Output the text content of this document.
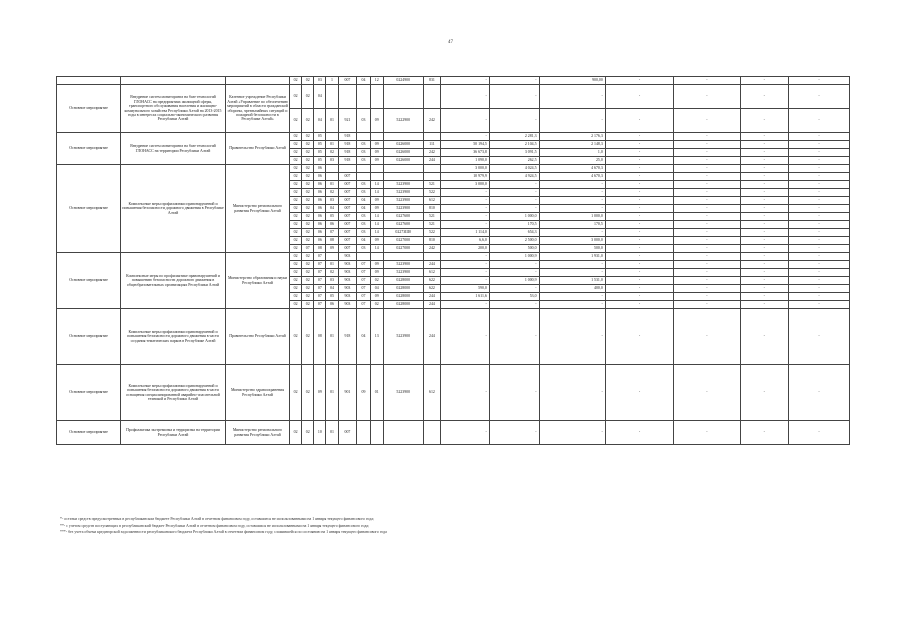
47
			02	02	03	1	007	04	12	0224900	831	-	-	900,00	-	-	-	-
Основное мероприятие	Внедрение систем мониторинга на базе технологий ГЛОНАСС на предприятиях жилищной сферы, транспортного обслуживания населения и жилищно-коммунального хозяйства Республики Алтай на 2013-2015 годы в интересах социально-экономического развития Республики Алтай	Казенное учреждение Республики Алтай «Управление по обеспечению мероприятий в области гражданской обороны, чрезвычайных ситуаций и пожарной безопасности в Республике Алтай»	02	02	04							-	-	-	-	-	-	-
			02	02	04	01	921	03	09	5222900	242	-	-	-	-	-	-	-
Основное мероприятие	Внедрение систем мониторинга на базе технологий ГЛОНАСС на территории Республики Алтай	Правительство Республики Алтай	02	02	05		918					-	2 281,3	2 176,3	-	-	-	-
			02	02	05	01	918	03	09	0226000	111	50 194,5	2 104,5	2 148,3	-	-	-	-
			02	02	05	02	918	03	09	0226000	242	36 673,8	3 091,5	1,0	-	-	-	-
			02	02	05	03	918	03	09	0226000	244	1 090,0	262,5	25,0	-	-	-	-
Основное мероприятие	Комплексные меры профилактики правонарушений и повышения безопасности дорожного движения в Республике Алтай	Министерство регионального развития Республики Алтай	02	02	06							3 000,0	4 024,5	4 670,3	-	-	-	-
			02	02	06		007					10 979,9	4 924,5	4 670,3	-	-	-	-
			02	02	06	01	007	03	14	5223900	521	3 000,0	-	-	-	-	-	-
			02	02	06	02	007	03	14	5223900	522	-	-	-	-	-	-	-
			02	02	06	03	007	04	09	5223900	612	-	-	-	-	-	-	-
			02	02	06	04	007	04	09	5223900	810	-	-	-	-	-	-	-
			02	02	06	05	007	03	14	0227600	521	-	1 000,0	1 000,0	-	-	-	-
			02	02	06	06	007	03	14	0227600	521	-	170,5	170,5	-	-	-	-
			02	02	06	07	007	03	14	02273Ш0	522	1 114,0	654,3	-	-	-	-	-
			02	02	06	08	007	04	09	0227000	810	6,6,0	2 500,0	3 000,0	-	-	-	-
			02	07	08	09	007	03	14	0227000	242	200,0	500,0	500,0	-	-	-	-
Основное мероприятие	Комплексные меры по профилактике правонарушений и повышению безопасности дорожного движения в общеобразовательных организациях Республики Алтай	Министерство образования и науки Республики Алтай	02	02	07		903					-	1 000,9	1 931,0	-	-	-	-
			02	02	07	01	903	07	09	5223900	244	-	-	-	-	-	-	-
			02	02	07	02	903	07	09	5223900	612	-	-	-	-	-	-	-
			02	02	07	03	903	07	02	0228000	622	-	1 000,9	1 531,0	-	-	-	-
			02	02	07	04	903	07	04	0228000	622	590,0	-	400,0	-	-	-	-
			02	02	07	05	903	07	09	0228000	244	1 611,6	53,0	-	-	-	-	-
			02	02	07	06	903	07	02	0228000	244	-	-	-	-	-	-	-
Основное мероприятие	Комплексные меры профилактики правонарушений и повышения безопасности дорожного движения в части создания тематических парков в Республике Алтай	Правительство Республики Алтай	02	02	08	01	918	04	13	5223900	244	-	-	-	-	-	-	-
Основное мероприятие	Комплексные меры профилактики правонарушений и повышения безопасности дорожного движения в части оснащения специализированной аварийно-спасательной техникой и Республики Алтай	Министерство здравоохранения Республики Алтай	02	02	09	01	901	09	01	5223900	612	-	-	-	-	-	-	-
Основное мероприятие	Профилактика экстремизма и терроризма на территории Республики Алтай	Министерство регионального развития Республики Алтай	02	02	10	01	007					-	-	-	-	-	-	-

*- остатки средств предусмотренных в республиканском бюджете Республики Алтай в отчетном финансовом году, оставшиеся не использованными на 1 января текущего финансового года;

**- с учетом средств поступающих в республиканский бюджет Республики Алтай в отчетном финансовом году, оставшихся не использованными на 1 января текущего финансового года;

***- без учета объема кредиторской задолженности республиканского бюджета Республики Алтай в отчетном финансовом году, сложившейся по состоянию на 1 января текущего финансового года
